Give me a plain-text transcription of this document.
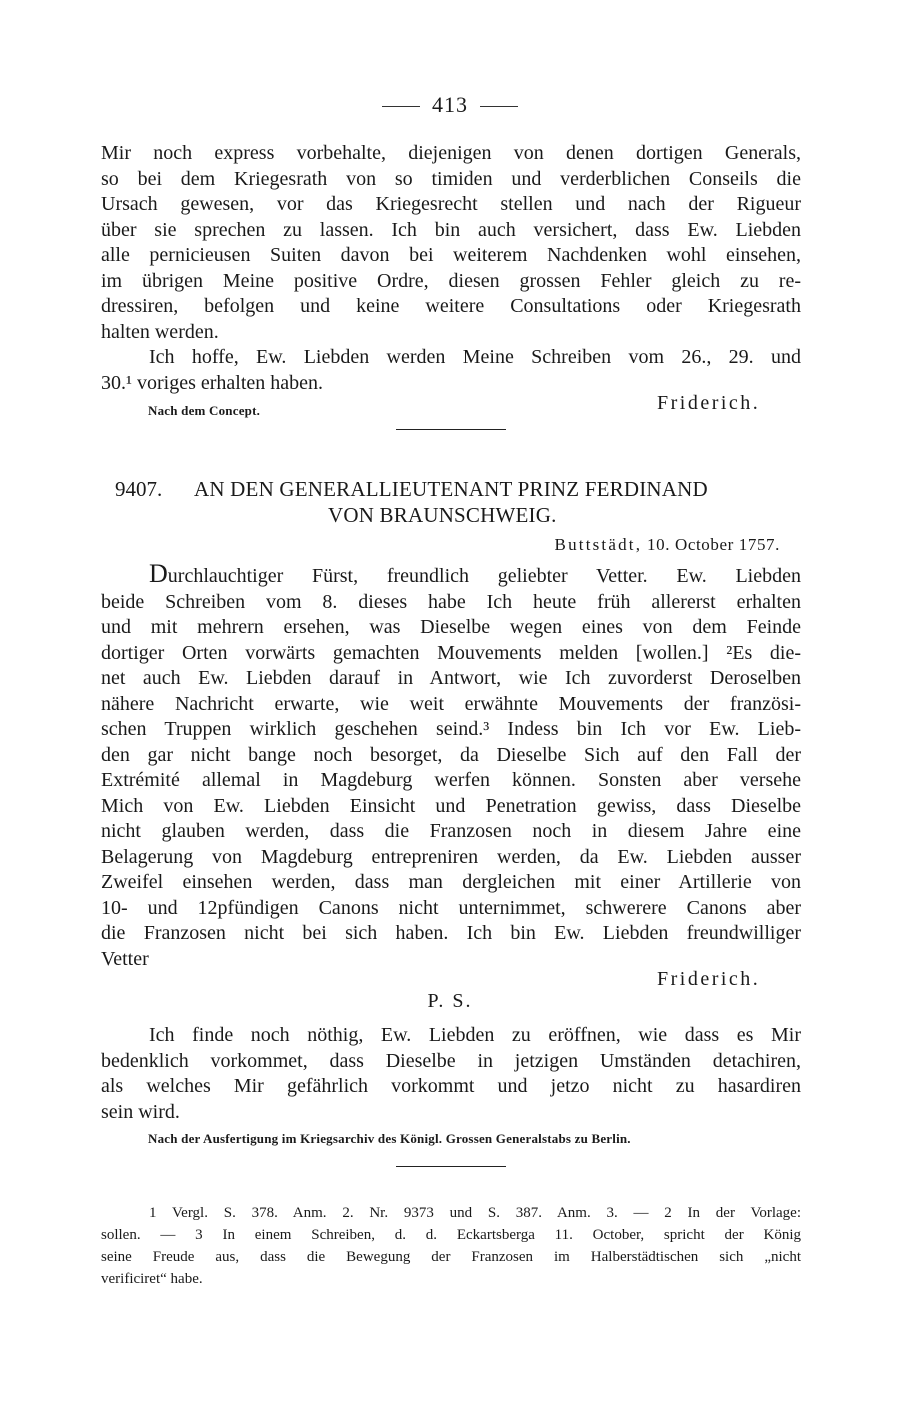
413
Mir noch express vorbehalte, diejenigen von denen dortigen Generals,
so bei dem Kriegesrath von so timiden und verderblichen Conseils die
Ursach gewesen, vor das Kriegesrecht stellen und nach der Rigueur
über sie sprechen zu lassen. Ich bin auch versichert, dass Ew. Liebden
alle pernicieusen Suiten davon bei weiterem Nachdenken wohl einsehen,
im übrigen Meine positive Ordre, diesen grossen Fehler gleich zu re-
dressiren, befolgen und keine weitere Consultations oder Kriegesrath
halten werden.
Ich hoffe, Ew. Liebden werden Meine Schreiben vom 26., 29. und
30.¹ voriges erhalten haben.
Nach dem Concept.	Friderich.
9407. AN DEN GENERALLIEUTENANT PRINZ FERDINAND
VON BRAUNSCHWEIG.
Buttstädt, 10. October 1757.
Durchlauchtiger Fürst, freundlich geliebter Vetter. Ew. Liebden
beide Schreiben vom 8. dieses habe Ich heute früh allererst erhalten
und mit mehrern ersehen, was Dieselbe wegen eines von dem Feinde
dortiger Orten vorwärts gemachten Mouvements melden [wollen.] ²Es die-
net auch Ew. Liebden darauf in Antwort, wie Ich zuvorderst Deroselben
nähere Nachricht erwarte, wie weit erwähnte Mouvements der französi-
schen Truppen wirklich geschehen seind.³ Indess bin Ich vor Ew. Lieb-
den gar nicht bange noch besorget, da Dieselbe Sich auf den Fall der
Extrémité allemal in Magdeburg werfen können. Sonsten aber versehe
Mich von Ew. Liebden Einsicht und Penetration gewiss, dass Dieselbe
nicht glauben werden, dass die Franzosen noch in diesem Jahre eine
Belagerung von Magdeburg entrepreniren werden, da Ew. Liebden ausser
Zweifel einsehen werden, dass man dergleichen mit einer Artillerie von
10- und 12pfündigen Canons nicht unternimmet, schwerere Canons aber
die Franzosen nicht bei sich haben. Ich bin Ew. Liebden freundwilliger
Vetter
Friderich.
P. S.
Ich finde noch nöthig, Ew. Liebden zu eröffnen, wie dass es Mir
bedenklich vorkommet, dass Dieselbe in jetzigen Umständen detachiren,
als welches Mir gefährlich vorkommt und jetzo nicht zu hasardiren
sein wird.
Nach der Ausfertigung im Kriegsarchiv des Königl. Grossen Generalstabs zu Berlin.
1 Vergl. S. 378. Anm. 2. Nr. 9373 und S. 387. Anm. 3. — 2 In der Vorlage:
sollen. — 3 In einem Schreiben, d. d. Eckartsberga 11. October, spricht der König
seine Freude aus, dass die Bewegung der Franzosen im Halberstädtischen sich „nicht
verificiret“ habe.
